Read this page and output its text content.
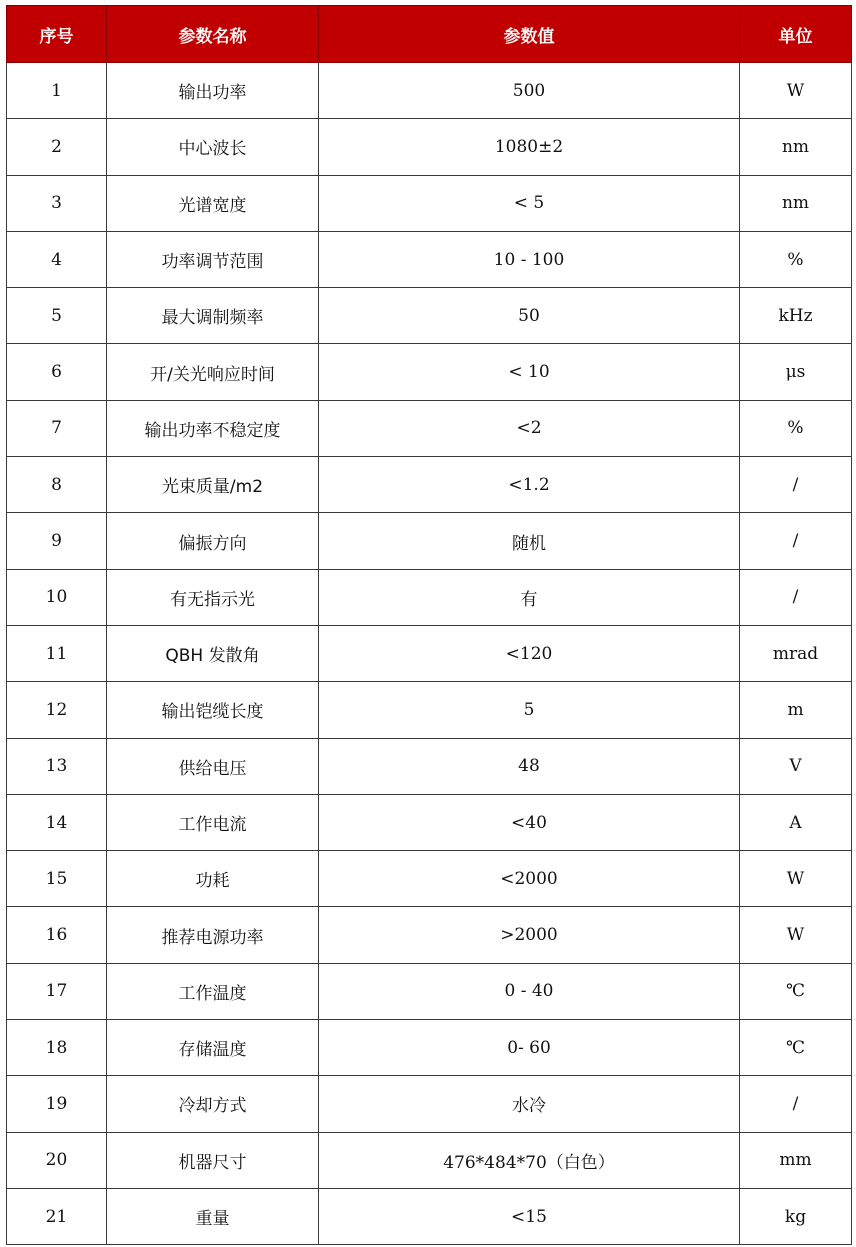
序号	参数名称	参数值	单位
1	输出功率	500	W
2	中心波长	1080±2	nm
3	光谱宽度	< 5	nm
4	功率调节范围	10 - 100	%
5	最大调制频率	50	kHz
6	开/关光响应时间	< 10	μs
7	输出功率不稳定度	<2	%
8	光束质量/m2	<1.2	/
9	偏振方向	随机	/
10	有无指示光	有	/
11	QBH 发散角	<120	mrad
12	输出铠缆长度	5	m
13	供给电压	48	V
14	工作电流	<40	A
15	功耗	<2000	W
16	推荐电源功率	>2000	W
17	工作温度	0 - 40	℃
18	存储温度	0- 60	℃
19	冷却方式	水冷	/
20	机器尺寸	476*484*70（白色）	mm
21	重量	<15	kg
